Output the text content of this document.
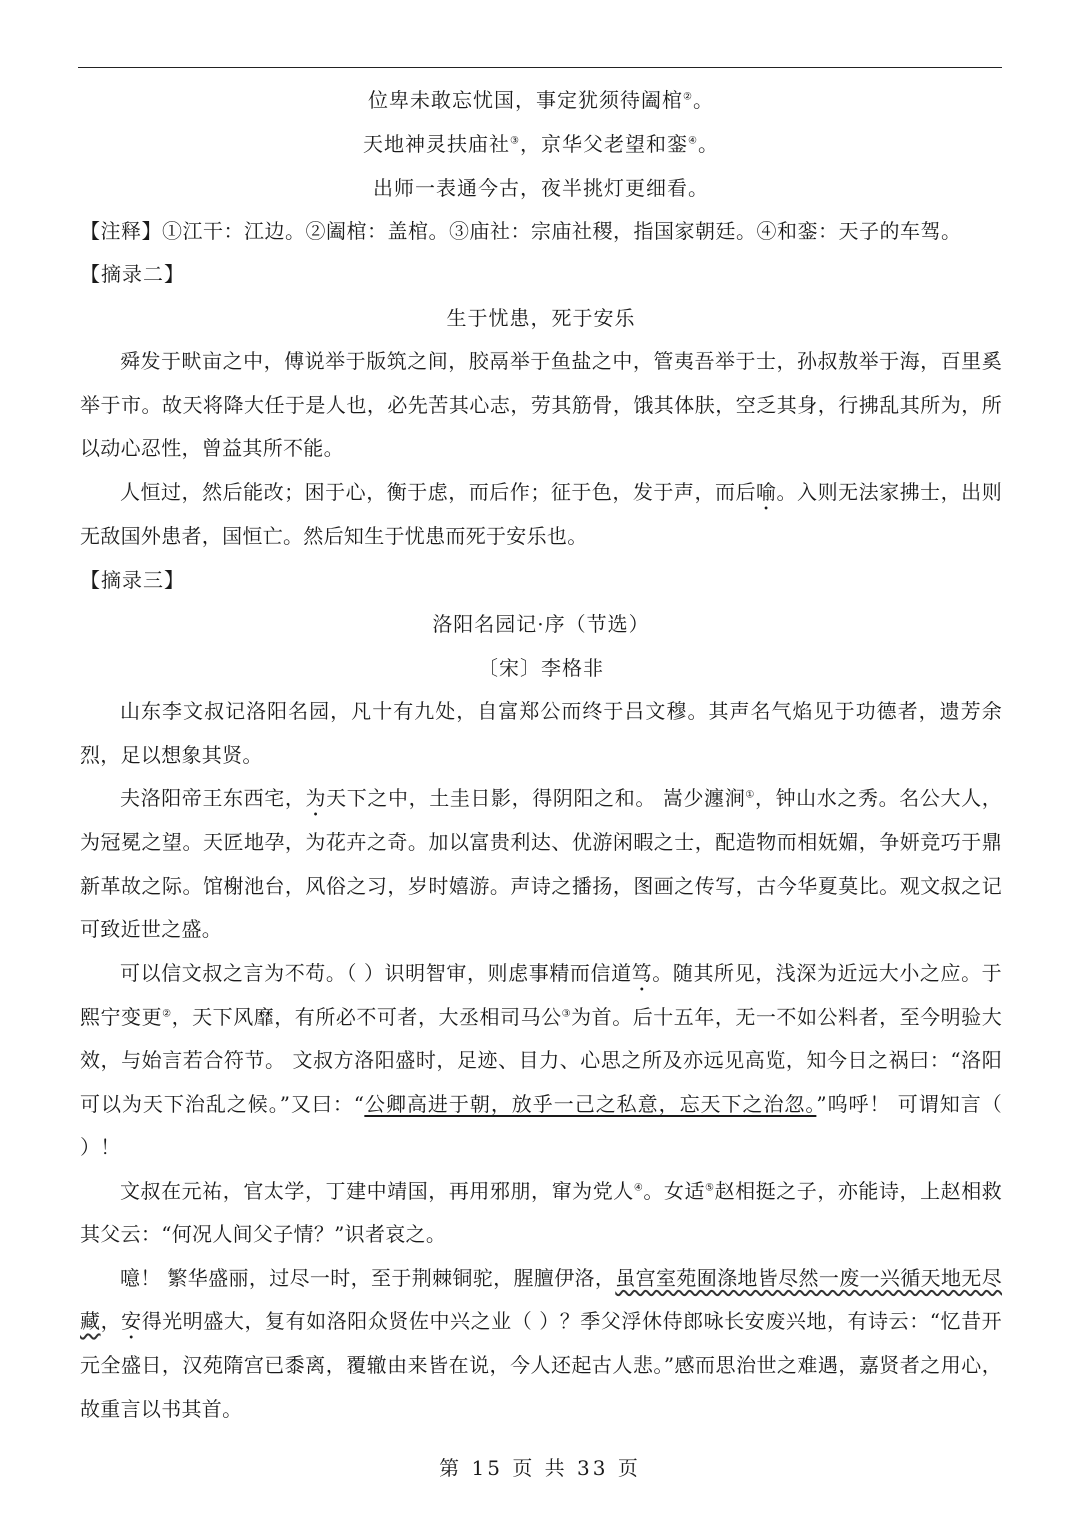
位卑未敢忘忧国，事定犹须待阖棺②。
天地神灵扶庙社③，京华父老望和銮④。
出师一表通今古，夜半挑灯更细看。
【注释】①江干：江边。②阖棺：盖棺。③庙社：宗庙社稷，指国家朝廷。④和銮：天子的车驾。
【摘录二】
生于忧患，死于安乐

舜发于畎亩之中，傅说举于版筑之间，胶鬲举于鱼盐之中，管夷吾举于士，孙叔敖举于海，百里奚举于市。故天将降大任于是人也，必先苦其心志，劳其筋骨，饿其体肤，空乏其身，行拂乱其所为，所以动心忍性，曾益其所不能。

人恒过，然后能改；困于心，衡于虑，而后作；征于色，发于声，而后喻。入则无法家拂士，出则无敌国外患者，国恒亡。然后知生于忧患而死于安乐也。

【摘录三】
洛阳名园记·序（节选）
〔宋〕李格非

山东李文叔记洛阳名园，凡十有九处，自富郑公而终于吕文穆。其声名气焰见于功德者，遗芳余烈，足以想象其贤。

夫洛阳帝王东西宅，为天下之中，土圭日影，得阴阳之和。 嵩少瀍涧①，钟山水之秀。名公大人，为冠冕之望。天匠地孕，为花卉之奇。加以富贵利达、优游闲暇之士，配造物而相妩媚，争妍竞巧于鼎新革故之际。馆榭池台，风俗之习，岁时嬉游。声诗之播扬，图画之传写，古今华夏莫比。观文叔之记可致近世之盛。

可以信文叔之言为不苟。（ ）识明智审，则虑事精而信道笃。随其所见，浅深为近远大小之应。于熙宁变更②，天下风靡，有所必不可者，大丞相司马公③为首。后十五年，无一不如公料者，至今明验大效，与始言若合符节。 文叔方洛阳盛时，足迹、目力、心思之所及亦远见高览，知今日之祸曰：“洛阳可以为天下治乱之候。”又曰：“公卿高进于朝，放乎一己之私意，忘天下之治忽。”呜呼！ 可谓知言（ ）！

文叔在元祐，官太学，丁建中靖国，再用邪朋，窜为党人④。女适⑤赵相挺之子，亦能诗，上赵相救其父云：“何况人间父子情？”识者哀之。

噫！ 繁华盛丽，过尽一时，至于荆棘铜驼，腥膻伊洛，虽宫室苑囿涤地皆尽然一废一兴循天地无尽藏，安得光明盛大，复有如洛阳众贤佐中兴之业（ ）？季父浮休侍郎咏长安废兴地，有诗云：“忆昔开元全盛日，汉苑隋宫已黍离，覆辙由来皆在说，今人还起古人悲。”感而思治世之难遇，嘉贤者之用心，故重言以书其首。

第 15 页 共 33 页
